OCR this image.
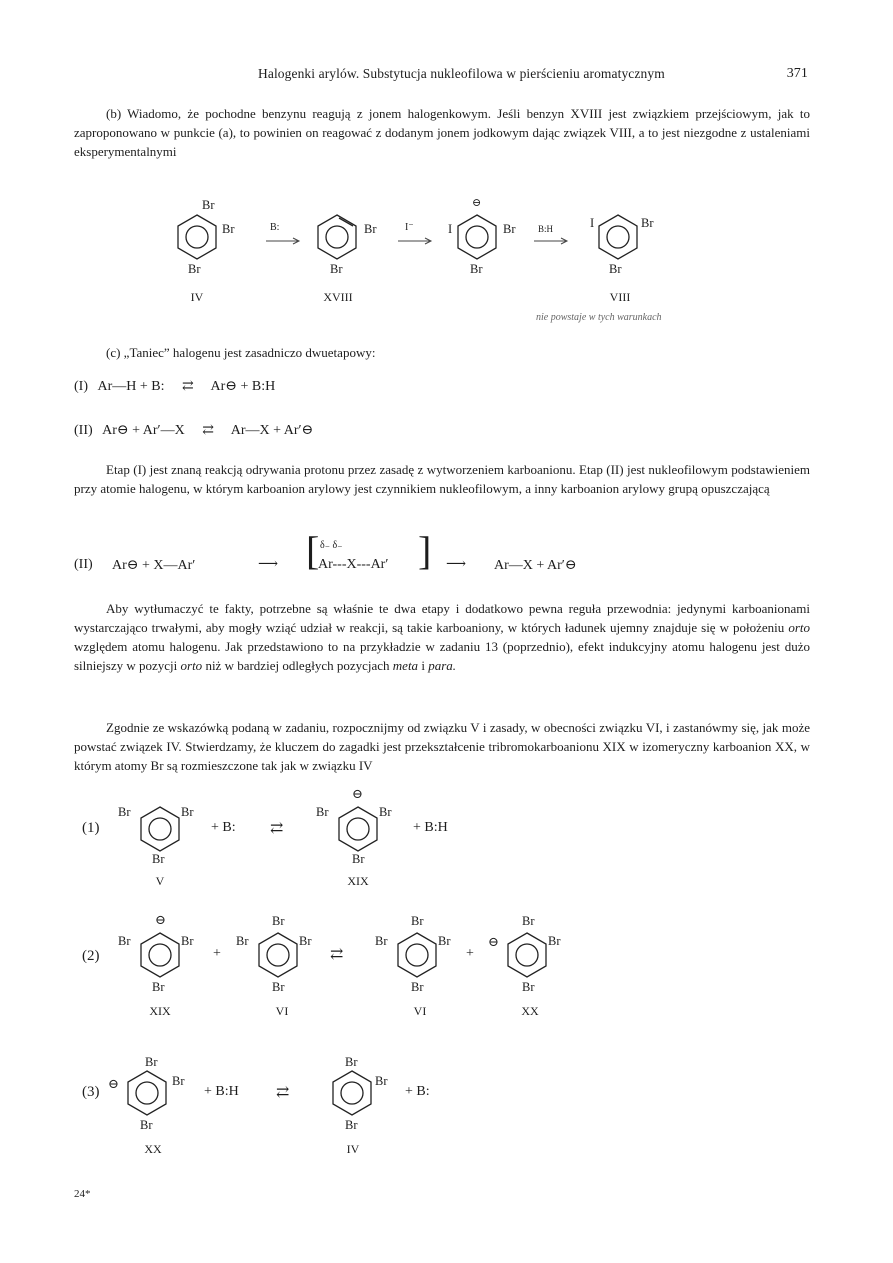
Halogenki arylów. Substytucja nukleofilowa w pierścieniu aromatycznym	371
(b) Wiadomo, że pochodne benzynu reagują z jonem halogenkowym. Jeśli benzyn XVIII jest związkiem przejściowym, jak to zaproponowano w punkcie (a), to powinien on reagować z dodanym jonem jodkowym dając związek VIII, a to jest niezgodne z ustaleniami eksperymentalnymi
Br
Br
Br
IV
B:	Br
Br
XVIII
I⁻
⊖
I	Br
Br
B:H	I	Br
Br
VIII
nie powstaje w tych warunkach
(c) „Taniec” halogenu jest zasadniczo dwuetapowy:
(I) Ar—H + B: ⇄ Ar⊖ + B:H
(II) Ar⊖ + Ar′—X ⇄ Ar—X + Ar′⊖
Etap (I) jest znaną reakcją odrywania protonu przez zasadę z wytworzeniem karboanionu. Etap (II) jest nukleofilowym podstawieniem przy atomie halogenu, w którym karboanion arylowy jest czynnikiem nukleofilowym, a inny karboanion arylowy grupą opuszczającą
(II) Ar⊖ + X—Ar′	⟶ [ δ₋ δ₋
Ar---X---Ar′ ] ⟶ Ar—X + Ar′⊖
Aby wytłumaczyć te fakty, potrzebne są właśnie te dwa etapy i dodatkowo pewna reguła przewodnia: jedynymi karboanionami wystarczająco trwałymi, aby mogły wziąć udział w reakcji, są takie karboaniony, w których ładunek ujemny znajduje się w położeniu orto względem atomu halogenu. Jak przedstawiono to na przykładzie w zadaniu 13 (poprzednio), efekt indukcyjny atomu halogenu jest dużo silniejszy w pozycji orto niż w bardziej odległych pozycjach meta i para.
Zgodnie ze wskazówką podaną w zadaniu, rozpocznijmy od związku V i zasady, w obecności związku VI, i zastanówmy się, jak może powstać związek IV. Stwierdzamy, że kluczem do zagadki jest przekształcenie tribromokarboanionu XIX w izomeryczny karboanion XX, w którym atomy Br są rozmieszczone tak jak w związku IV
(1)
Br	Br
Br
V
+ B: ⇄
⊖
Br	Br
Br
XIX
+ B:H
(2)
⊖
Br	Br
Br
XIX
+
Br
Br	Br
Br
VI
⇄
Br
Br	Br
Br
VI
+
Br
⊖	Br
Br
XX
(3)
⊖
Br
Br
Br
XX
+ B:H ⇄
Br
Br
Br
IV
+ B:
24*
